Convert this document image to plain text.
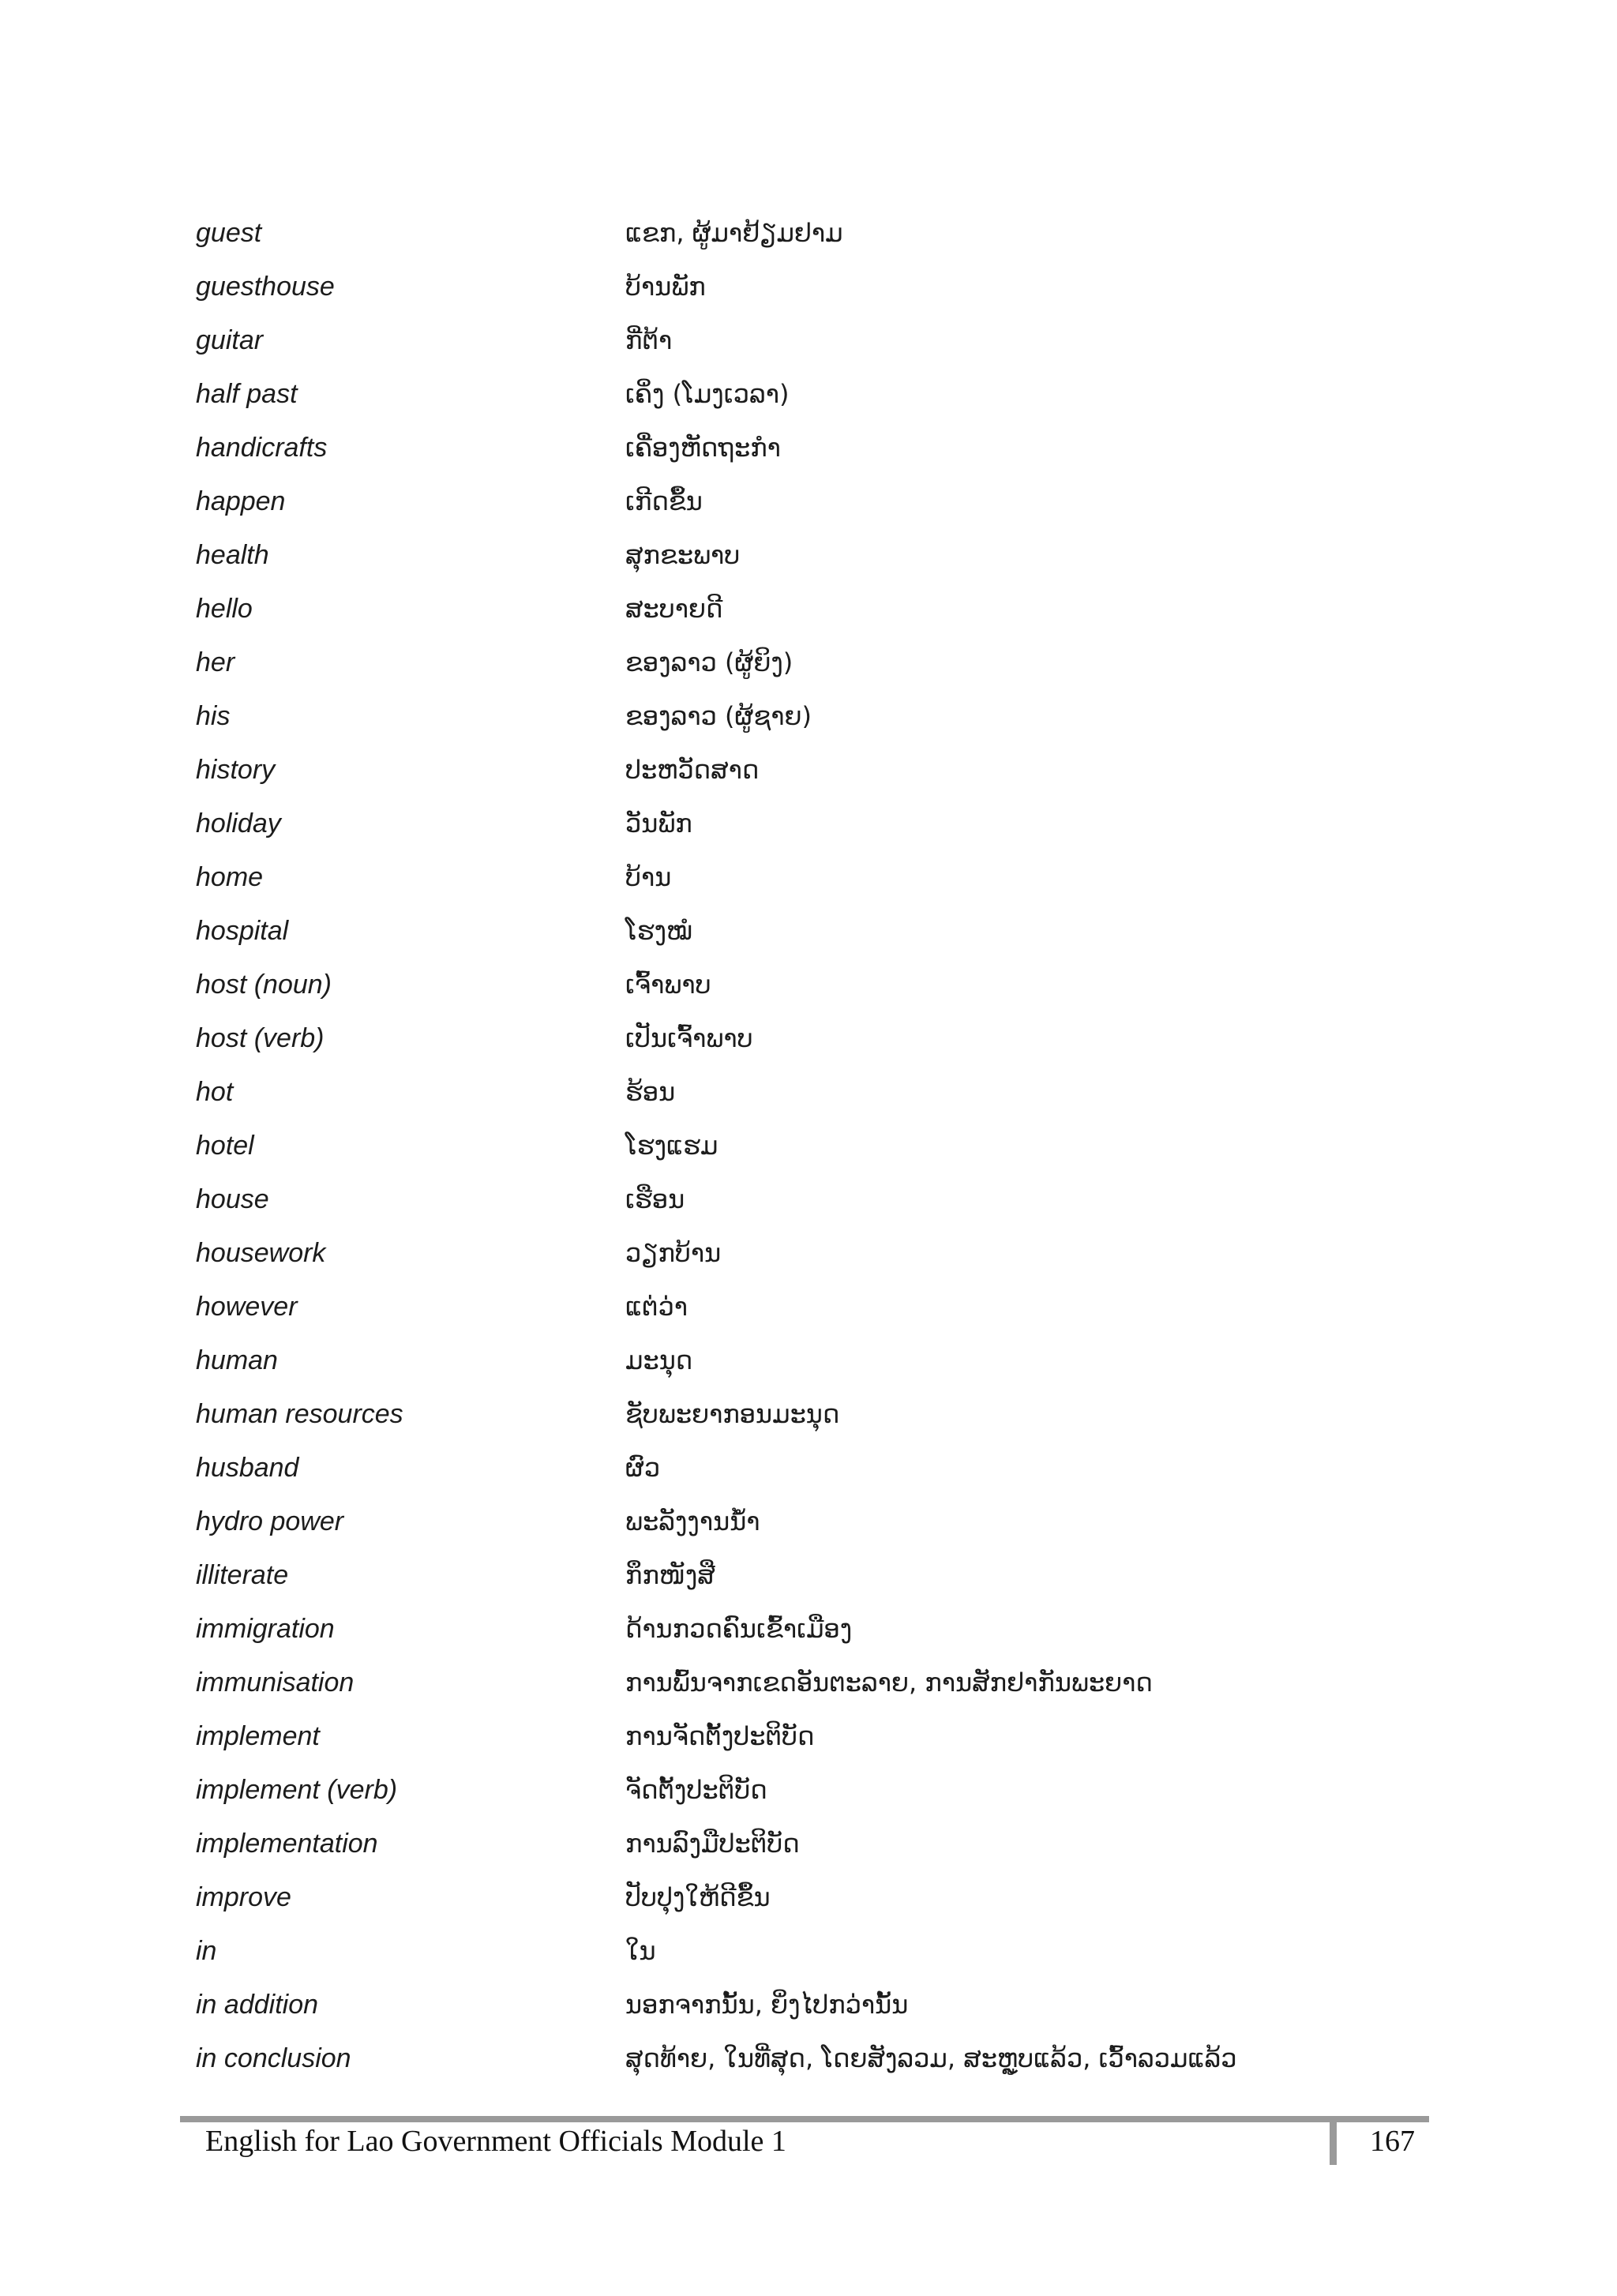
guest	ແຂກ, ຜູ້ມາຢ້ຽມຢາມ
guesthouse	ບ້ານພັກ
guitar	ກີ່ຕ້າ
half past	ເຄິ່ງ (ໂມງເວລາ)
handicrafts	ເຄື່ອງຫັດຖະກຳ
happen	ເກີດຂຶ້ນ
health	ສຸກຂະພາບ
hello	ສະບາຍດີ
her	ຂອງລາວ (ຜູ້ຍິງ)
his	ຂອງລາວ (ຜູ້ຊາຍ)
history	ປະຫວັດສາດ
holiday	ວັນພັກ
home	ບ້ານ
hospital	ໂຮງໝໍ
host (noun)	ເຈົ້າພາບ
host (verb)	ເປັນເຈົ້າພາບ
hot	ຮ້ອນ
hotel	ໂຮງແຮມ
house	ເຮືອນ
housework	ວຽກບ້ານ
however	ແຕ່ວ່າ
human	ມະນຸດ
human resources	ຊັບພະຍາກອນມະນຸດ
husband	ຜົວ
hydro power	ພະລັງງານນ້ຳ
illiterate	ກຶກໜັງສື
immigration	ດ້ານກວດຄົນເຂົ້າເມືອງ
immunisation	ການພົ້ນຈາກເຂດອັນຕະລາຍ, ການສັກຢາກັນພະຍາດ
implement	ການຈັດຕັ້ງປະຕິບັດ
implement (verb)	ຈັດຕັ້ງປະຕິບັດ
implementation	ການລົງມືປະຕິບັດ
improve	ປັບປຸງໃຫ້ດີຂຶ້ນ
in	ໃນ
in addition	ນອກຈາກນັ້ນ, ຍິ່ງໄປກວ່ານັ້ນ
in conclusion	ສຸດທ້າຍ, ໃນທີ່ສຸດ, ໂດຍສັງລວມ, ສະຫຼູບແລ້ວ, ເວົ້າລວມແລ້ວ
English for Lao Government Officials Module 1	167
